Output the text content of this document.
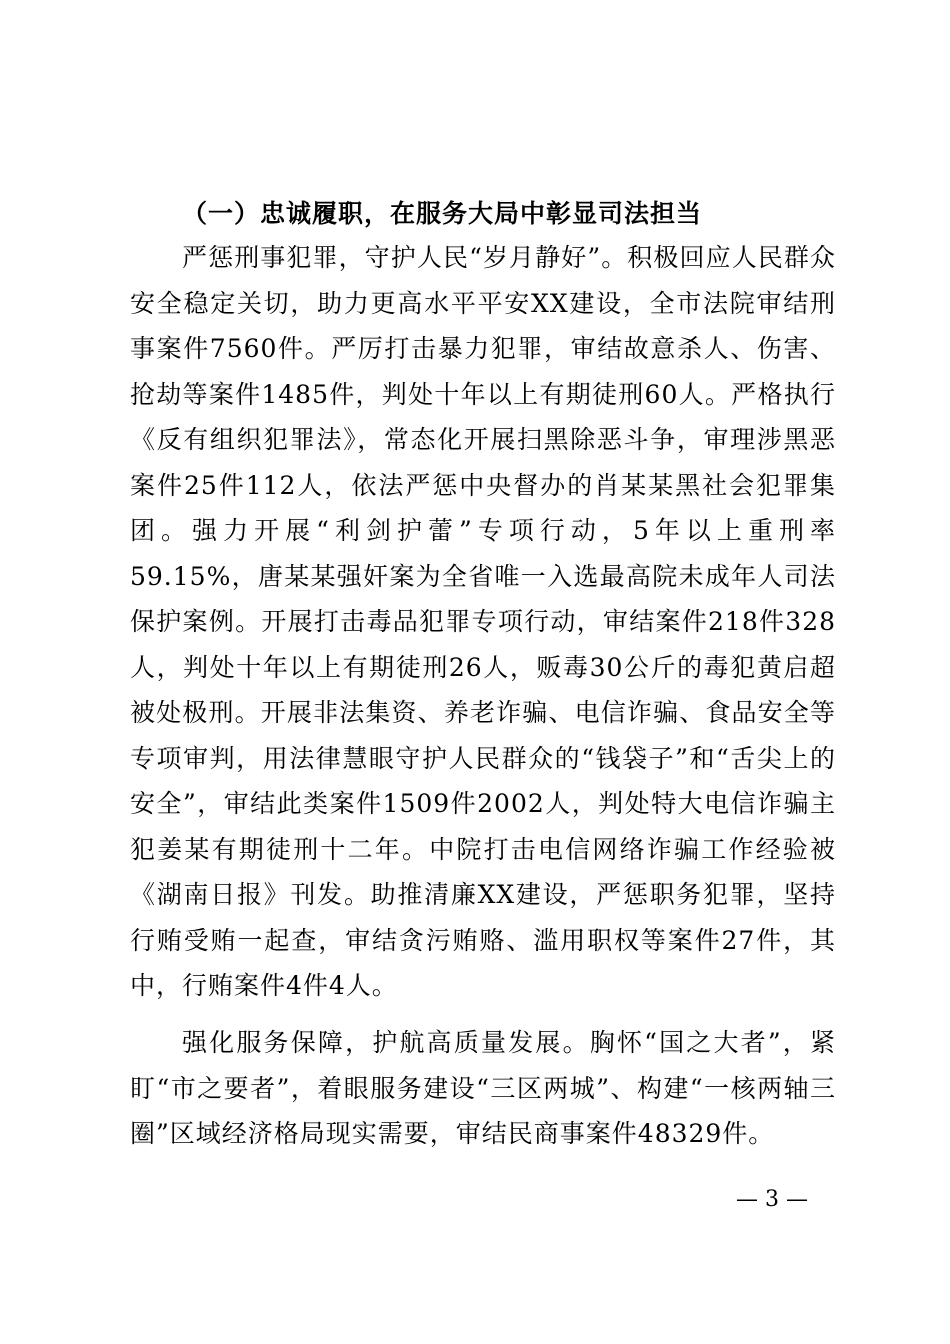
（一）忠诚履职，在服务大局中彰显司法担当

严惩刑事犯罪，守护人民“岁月静好”。积极回应人民群众安全稳定关切，助力更高水平平安XX建设，全市法院审结刑事案件7560件。严厉打击暴力犯罪，审结故意杀人、伤害、抢劫等案件1485件，判处十年以上有期徒刑60人。严格执行《反有组织犯罪法》，常态化开展扫黑除恶斗争，审理涉黑恶案件25件112人，依法严惩中央督办的肖某某黑社会犯罪集团。强力开展“利剑护蕾”专项行动，5年以上重刑率59.15%，唐某某强奸案为全省唯一入选最高院未成年人司法保护案例。开展打击毒品犯罪专项行动，审结案件218件328人，判处十年以上有期徒刑26人，贩毒30公斤的毒犯黄启超被处极刑。开展非法集资、养老诈骗、电信诈骗、食品安全等专项审判，用法律慧眼守护人民群众的“钱袋子”和“舌尖上的安全”，审结此类案件1509件2002人，判处特大电信诈骗主犯姜某有期徒刑十二年。中院打击电信网络诈骗工作经验被《湖南日报》刊发。助推清廉XX建设，严惩职务犯罪，坚持行贿受贿一起查，审结贪污贿赂、滥用职权等案件27件，其中，行贿案件4件4人。

强化服务保障，护航高质量发展。胸怀“国之大者”，紧盯“市之要者”，着眼服务建设“三区两城”、构建“一核两轴三圈”区域经济格局现实需要，审结民商事案件48329件。

— 3 —
